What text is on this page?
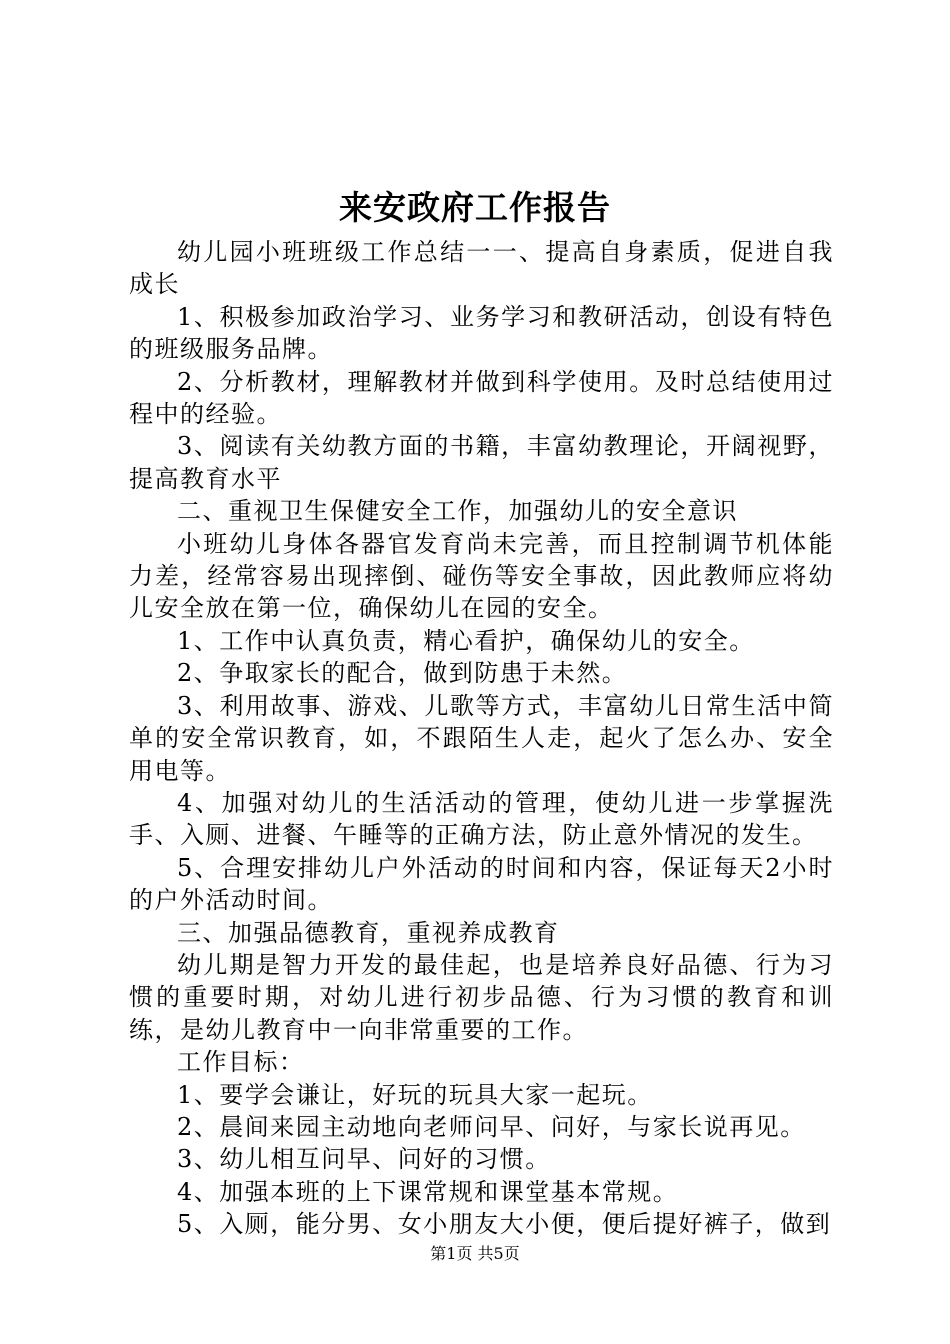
来安政府工作报告

幼儿园小班班级工作总结一一、提高自身素质，促进自我成长

1、积极参加政治学习、业务学习和教研活动，创设有特色的班级服务品牌。

2、分析教材，理解教材并做到科学使用。及时总结使用过程中的经验。

3、阅读有关幼教方面的书籍，丰富幼教理论，开阔视野，提高教育水平

二、重视卫生保健安全工作，加强幼儿的安全意识

小班幼儿身体各器官发育尚未完善，而且控制调节机体能力差，经常容易出现摔倒、碰伤等安全事故，因此教师应将幼儿安全放在第一位，确保幼儿在园的安全。

1、工作中认真负责，精心看护，确保幼儿的安全。

2、争取家长的配合，做到防患于未然。

3、利用故事、游戏、儿歌等方式，丰富幼儿日常生活中简单的安全常识教育，如，不跟陌生人走，起火了怎么办、安全用电等。

4、加强对幼儿的生活活动的管理，使幼儿进一步掌握洗手、入厕、进餐、午睡等的正确方法，防止意外情况的发生。

5、合理安排幼儿户外活动的时间和内容，保证每天2小时的户外活动时间。

三、加强品德教育，重视养成教育

幼儿期是智力开发的最佳起，也是培养良好品德、行为习惯的重要时期，对幼儿进行初步品德、行为习惯的教育和训练，是幼儿教育中一向非常重要的工作。

工作目标：

1、要学会谦让，好玩的玩具大家一起玩。

2、晨间来园主动地向老师问早、问好，与家长说再见。

3、幼儿相互问早、问好的习惯。

4、加强本班的上下课常规和课堂基本常规。

5、入厕，能分男、女小朋友大小便，便后提好裤子，做到

第1页 共5页
